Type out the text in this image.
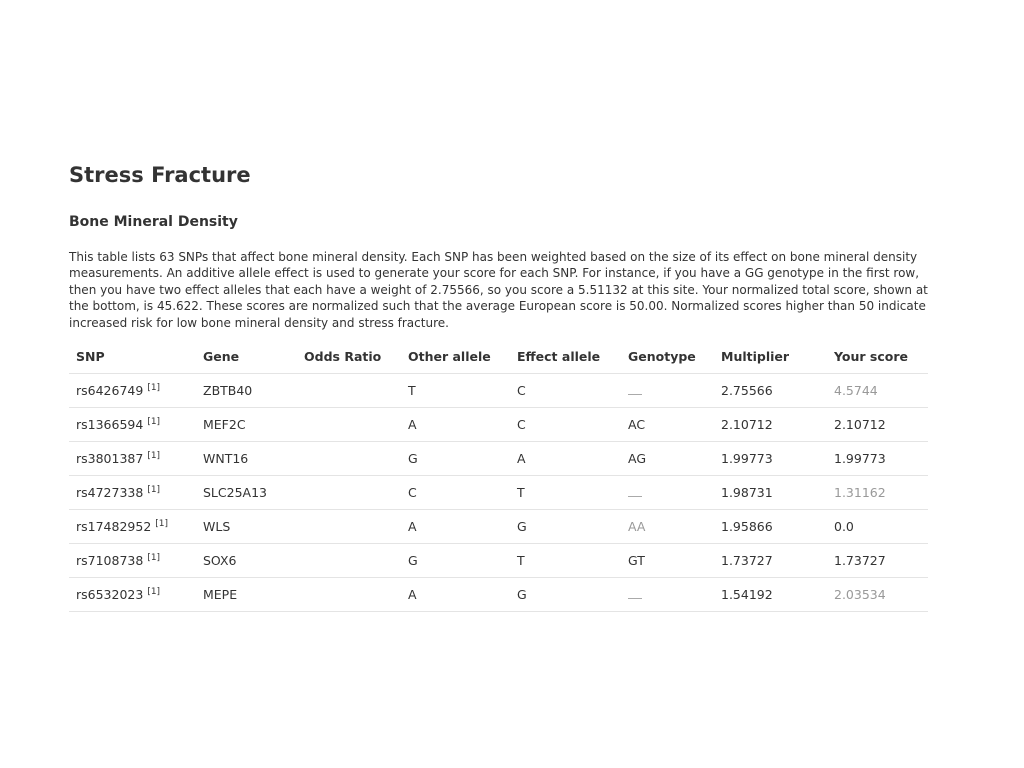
Stress Fracture
Bone Mineral Density

This table lists 63 SNPs that affect bone mineral density. Each SNP has been weighted based on the size of its effect on bone mineral density measurements. An additive allele effect is used to generate your score for each SNP. For instance, if you have a GG genotype in the first row, then you have two effect alleles that each have a weight of 2.75566, so you score a 5.51132 at this site. Your normalized total score, shown at the bottom, is 45.622. These scores are normalized such that the average European score is 50.00. Normalized scores higher than 50 indicate increased risk for low bone mineral density and stress fracture.

SNP	Gene	Odds Ratio	Other allele	Effect allele	Genotype	Multiplier	Your score
rs6426749 [1]	ZBTB40		T	C		2.75566	4.5744
rs1366594 [1]	MEF2C		A	C	AC	2.10712	2.10712
rs3801387 [1]	WNT16		G	A	AG	1.99773	1.99773
rs4727338 [1]	SLC25A13		C	T		1.98731	1.31162
rs17482952 [1]	WLS		A	G	AA	1.95866	0.0
rs7108738 [1]	SOX6		G	T	GT	1.73727	1.73727
rs6532023 [1]	MEPE		A	G		1.54192	2.03534
